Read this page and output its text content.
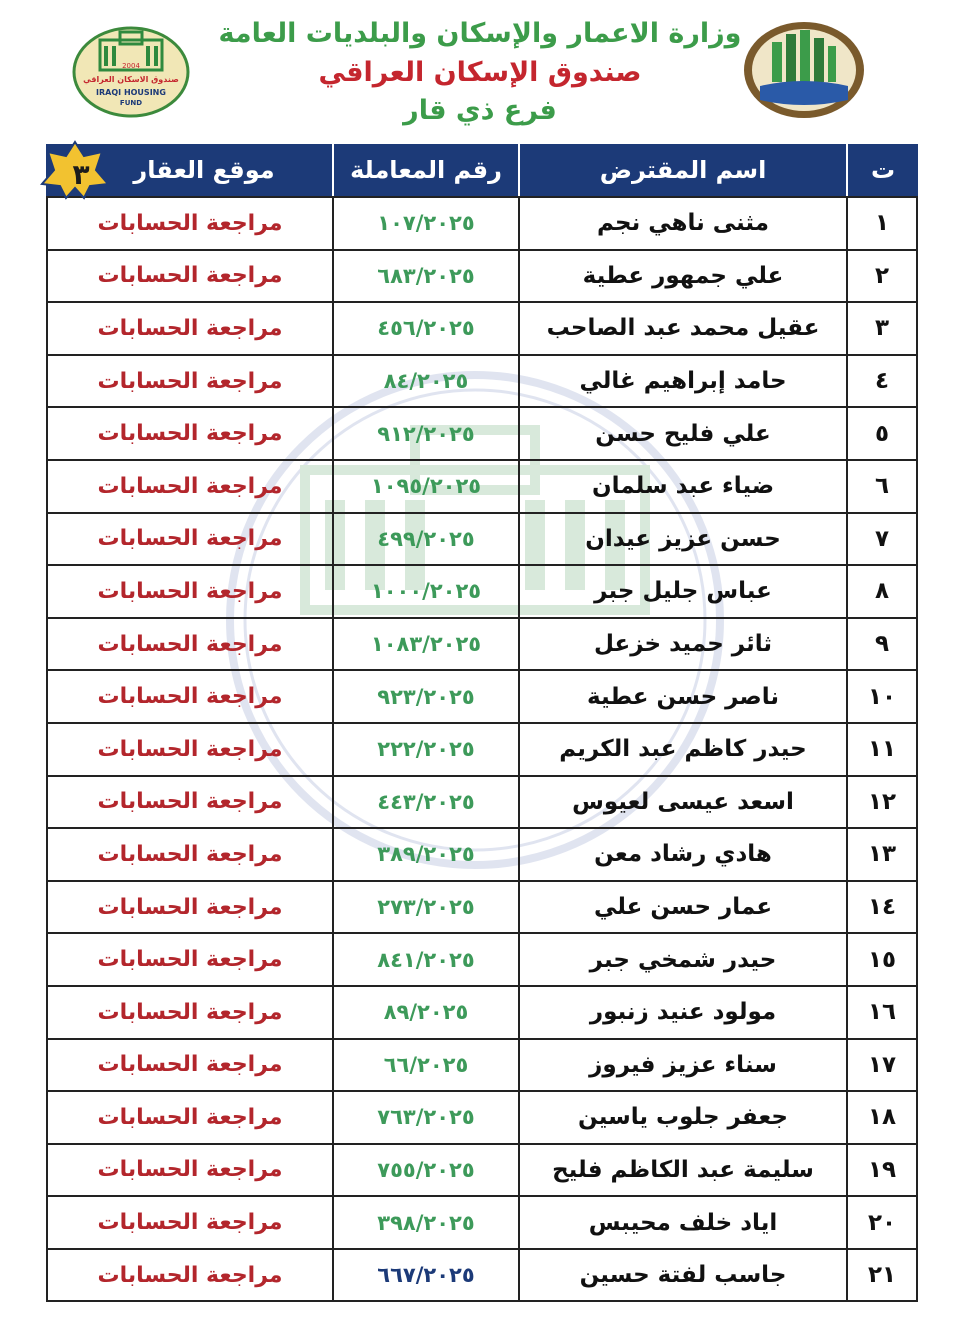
2004
صندوق الاسكان العراقي
IRAQI HOUSING
FUND
وزارة الاعمار والإسكان والبلديات العامة
صندوق الإسكان العراقي
فرع ذي قار
٣	موقع العقار	رقم المعاملة	اسم المقترض	ت
مراجعة الحسابات	١٠٧/٢٠٢٥	مثنى ناهي نجم	١
مراجعة الحسابات	٦٨٣/٢٠٢٥	علي جمهور عطية	٢
مراجعة الحسابات	٤٥٦/٢٠٢٥	عقيل محمد عبد الصاحب	٣
مراجعة الحسابات	٨٤/٢٠٢٥	حامد إبراهيم غالي	٤
مراجعة الحسابات	٩١٢/٢٠٢٥	علي فليح حسن	٥
مراجعة الحسابات	١٠٩٥/٢٠٢٥	ضياء عبد سلمان	٦
مراجعة الحسابات	٤٩٩/٢٠٢٥	حسن عزيز عيدان	٧
مراجعة الحسابات	١٠٠٠/٢٠٢٥	عباس جليل جبر	٨
مراجعة الحسابات	١٠٨٣/٢٠٢٥	ثائر حميد خزعل	٩
مراجعة الحسابات	٩٢٣/٢٠٢٥	ناصر حسن عطية	١٠
مراجعة الحسابات	٢٢٢/٢٠٢٥	حيدر كاظم عبد الكريم	١١
مراجعة الحسابات	٤٤٣/٢٠٢٥	اسعد عيسى لعيوس	١٢
مراجعة الحسابات	٣٨٩/٢٠٢٥	هادي رشاد معن	١٣
مراجعة الحسابات	٢٧٣/٢٠٢٥	عمار حسن علي	١٤
مراجعة الحسابات	٨٤١/٢٠٢٥	حيدر شمخي جبر	١٥
مراجعة الحسابات	٨٩/٢٠٢٥	مولود عنيد زنبور	١٦
مراجعة الحسابات	٦٦/٢٠٢٥	سناء عزيز فيروز	١٧
مراجعة الحسابات	٧٦٣/٢٠٢٥	جعفر جلوب ياسين	١٨
مراجعة الحسابات	٧٥٥/٢٠٢٥	سليمة عبد الكاظم فليح	١٩
مراجعة الحسابات	٣٩٨/٢٠٢٥	اياد خلف محيبس	٢٠
مراجعة الحسابات	٦٦٧/٢٠٢٥	جاسب لفتة حسين	٢١
